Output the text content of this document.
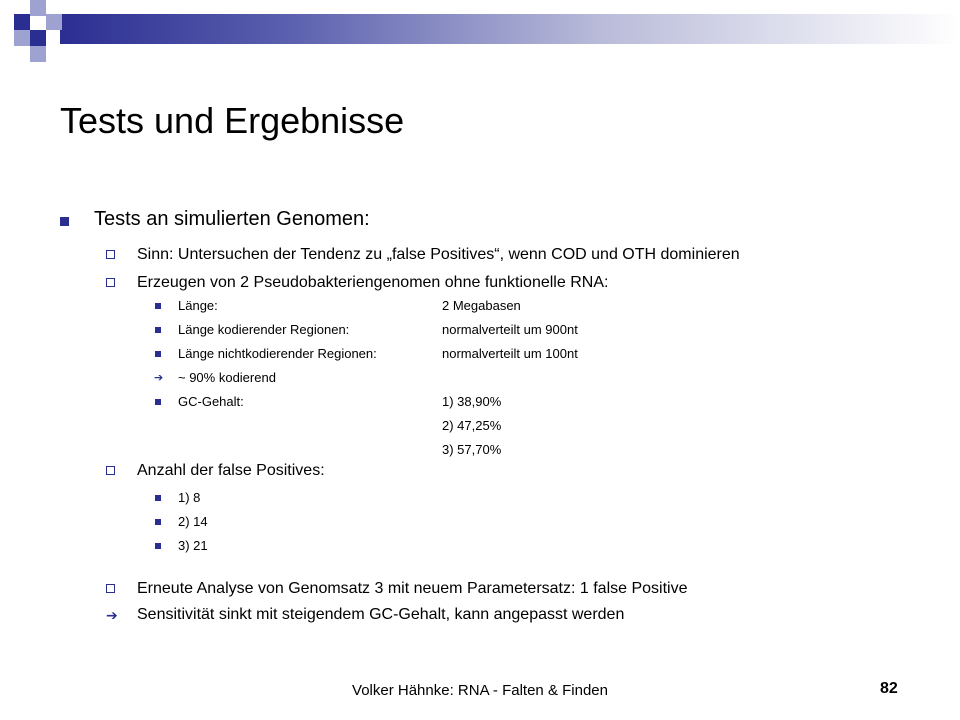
Tests und Ergebnisse
Tests an simulierten Genomen:
Sinn: Untersuchen der Tendenz zu „false Positives“, wenn COD und OTH dominieren
Erzeugen von 2 Pseudobakteriengenomen ohne funktionelle RNA:
Länge:	2 Megabasen
Länge kodierender Regionen:	normalverteilt um 900nt
Länge nichtkodierender Regionen:	normalverteilt um 100nt
➔ ~ 90% kodierend
GC-Gehalt:	1) 38,90%
2) 47,25%
3) 57,70%
Anzahl der false Positives:
1) 8
2) 14
3) 21
Erneute Analyse von Genomsatz 3 mit neuem Parametersatz: 1 false Positive
➔ Sensitivität sinkt mit steigendem GC-Gehalt, kann angepasst werden
Volker Hähnke: RNA - Falten & Finden	82
